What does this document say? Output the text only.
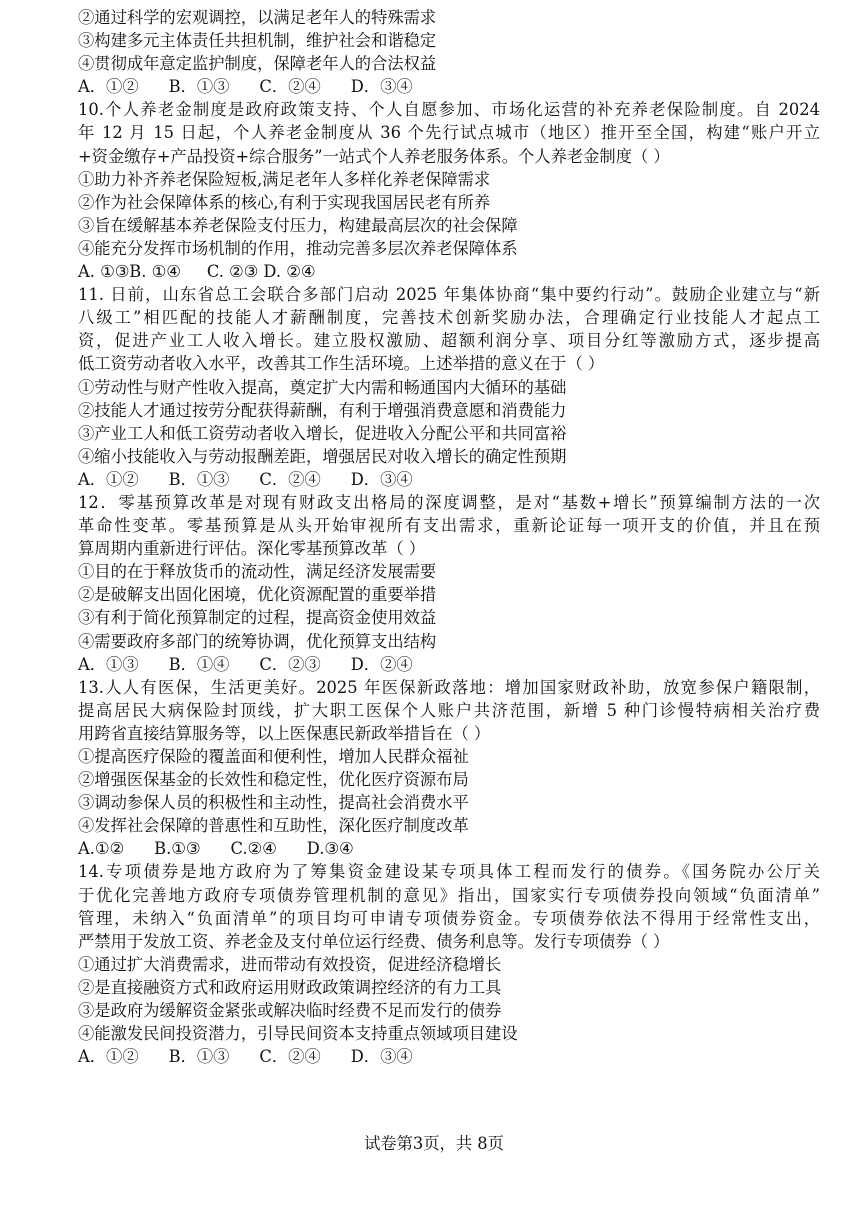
②通过科学的宏观调控，以满足老年人的特殊需求
③构建多元主体责任共担机制，维护社会和谐稳定
④贯彻成年意定监护制度，保障老年人的合法权益
A．①② B．①③ C．②④ D．③④
10.个人养老金制度是政府政策支持、个人自愿参加、市场化运营的补充养老保险制度。自 2024
年 12 月 15 日起，个人养老金制度从 36 个先行试点城市（地区）推开至全国，构建“账户开立
+资金缴存+产品投资+综合服务”一站式个人养老服务体系。个人养老金制度（ ）
①助力补齐养老保险短板,满足老年人多样化养老保障需求
②作为社会保障体系的核心,有利于实现我国居民老有所养
③旨在缓解基本养老保险支付压力，构建最高层次的社会保障
④能充分发挥市场机制的作用，推动完善多层次养老保障体系
A. ①③B. ①④ C. ②③ D. ②④
11. 日前，山东省总工会联合多部门启动 2025 年集体协商“集中要约行动”。鼓励企业建立与“新
八级工”相匹配的技能人才薪酬制度，完善技术创新奖励办法，合理确定行业技能人才起点工
资，促进产业工人收入增长。建立股权激励、超额利润分享、项目分红等激励方式，逐步提高
低工资劳动者收入水平，改善其工作生活环境。上述举措的意义在于（ ）
①劳动性与财产性收入提高，奠定扩大内需和畅通国内大循环的基础
②技能人才通过按劳分配获得薪酬，有利于增强消费意愿和消费能力
③产业工人和低工资劳动者收入增长，促进收入分配公平和共同富裕
④缩小技能收入与劳动报酬差距，增强居民对收入增长的确定性预期
A．①② B．①③ C．②④ D．③④
12．零基预算改革是对现有财政支出格局的深度调整，是对“基数+增长”预算编制方法的一次
革命性变革。零基预算是从头开始审视所有支出需求，重新论证每一项开支的价值，并且在预
算周期内重新进行评估。深化零基预算改革（ ）
①目的在于释放货币的流动性，满足经济发展需要
②是破解支出固化困境，优化资源配置的重要举措
③有利于简化预算制定的过程，提高资金使用效益
④需要政府多部门的统筹协调，优化预算支出结构
A．①③ B．①④ C．②③ D．②④
13.人人有医保，生活更美好。2025 年医保新政落地：增加国家财政补助，放宽参保户籍限制，
提高居民大病保险封顶线，扩大职工医保个人账户共济范围，新增 5 种门诊慢特病相关治疗费
用跨省直接结算服务等，以上医保惠民新政举措旨在（ ）
①提高医疗保险的覆盖面和便利性，增加人民群众福祉
②增强医保基金的长效性和稳定性，优化医疗资源布局
③调动参保人员的积极性和主动性，提高社会消费水平
④发挥社会保障的普惠性和互助性，深化医疗制度改革
A.①② B.①③ C.②④ D.③④
14.专项债券是地方政府为了筹集资金建设某专项具体工程而发行的债券。《国务院办公厅关
于优化完善地方政府专项债券管理机制的意见》指出，国家实行专项债券投向领域“负面清单”
管理，未纳入“负面清单”的项目均可申请专项债券资金。专项债券依法不得用于经常性支出，
严禁用于发放工资、养老金及支付单位运行经费、债务利息等。发行专项债券（ ）
①通过扩大消费需求，进而带动有效投资，促进经济稳增长
②是直接融资方式和政府运用财政政策调控经济的有力工具
③是政府为缓解资金紧张或解决临时经费不足而发行的债券
④能激发民间投资潜力，引导民间资本支持重点领域项目建设
A．①② B．①③ C．②④ D．③④
试卷第3页，共 8页
